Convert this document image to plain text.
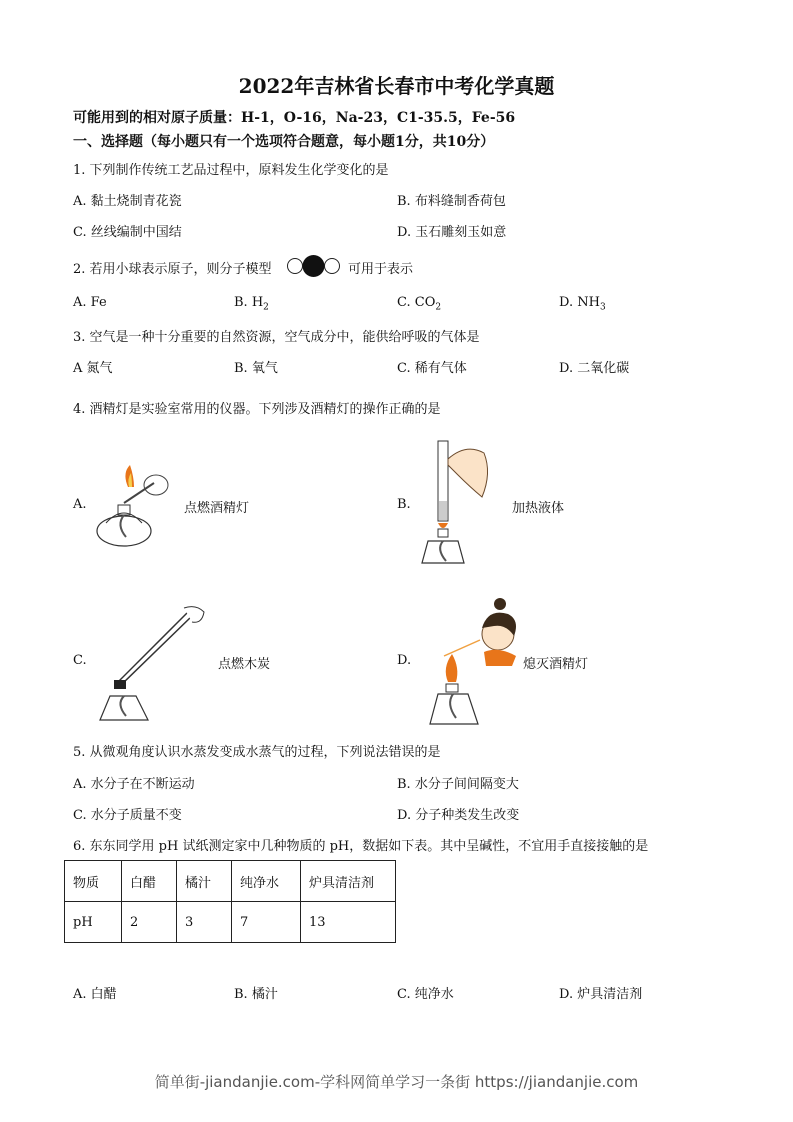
2022年吉林省长春市中考化学真题
可能用到的相对原子质量：H-1，O-16，Na-23，C1-35.5，Fe-56
一、选择题（每小题只有一个选项符合题意，每小题1分，共10分）
1. 下列制作传统工艺品过程中，原料发生化学变化的是
A. 黏土烧制青花瓷	B. 布料缝制香荷包
C. 丝线编制中国结	D. 玉石雕刻玉如意
2. 若用小球表示原子，则分子模型	可用于表示
A. Fe	B. $H_2$	C. $CO_2$	D. $NH_3$
3. 空气是一种十分重要的自然资源，空气成分中，能供给呼吸的气体是
A 氮气	B. 氧气	C. 稀有气体	D. 二氧化碳
4. 酒精灯是实验室常用的仪器。下列涉及酒精灯的操作正确的是
A.	点燃酒精灯	B.	加热液体
C.	点燃木炭	D.	熄灭酒精灯
5. 从微观角度认识水蒸发变成水蒸气的过程，下列说法错误的是
A. 水分子在不断运动	B. 水分子间间隔变大
C. 水分子质量不变	D. 分子种类发生改变
6. 东东同学用 pH 试纸测定家中几种物质的 pH，数据如下表。其中呈碱性，不宜用手直接接触的是
物质	白醋	橘汁	纯净水	炉具清洁剂
pH	2	3	7	13
A. 白醋	B. 橘汁	C. 纯净水	D. 炉具清洁剂
简单街-jiandanjie.com-学科网简单学习一条街 https://jiandanjie.com
